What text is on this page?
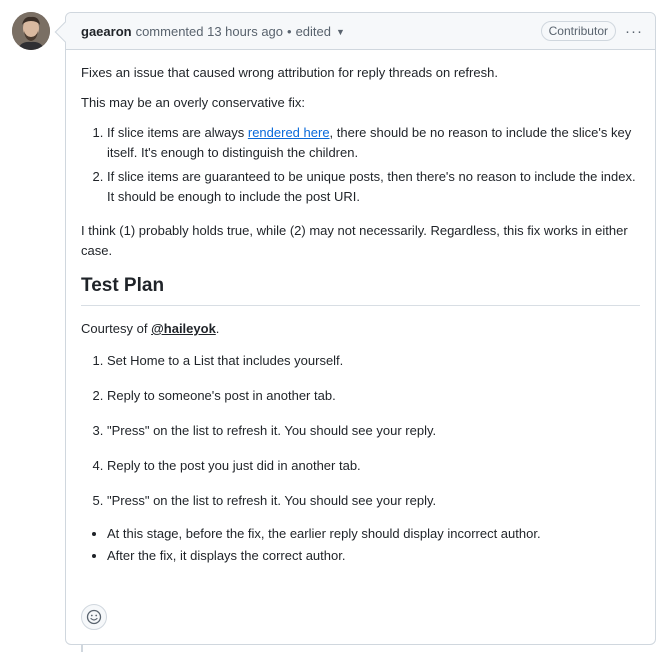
gaearon commented 13 hours ago • edited ▼	Contributor	···

Fixes an issue that caused wrong attribution for reply threads on refresh.

This may be an overly conservative fix:

1. If slice items are always rendered here, there should be no reason to include the slice's key itself. It's enough to distinguish the children.
2. If slice items are guaranteed to be unique posts, then there's no reason to include the index. It should be enough to include the post URI.

I think (1) probably holds true, while (2) may not necessarily. Regardless, this fix works in either case.

Test Plan

Courtesy of @haileyok.

1. Set Home to a List that includes yourself.
2. Reply to someone's post in another tab.
3. "Press" on the list to refresh it. You should see your reply.
4. Reply to the post you just did in another tab.
5. "Press" on the list to refresh it. You should see your reply.
• At this stage, before the fix, the earlier reply should display incorrect author.
• After the fix, it displays the correct author.
